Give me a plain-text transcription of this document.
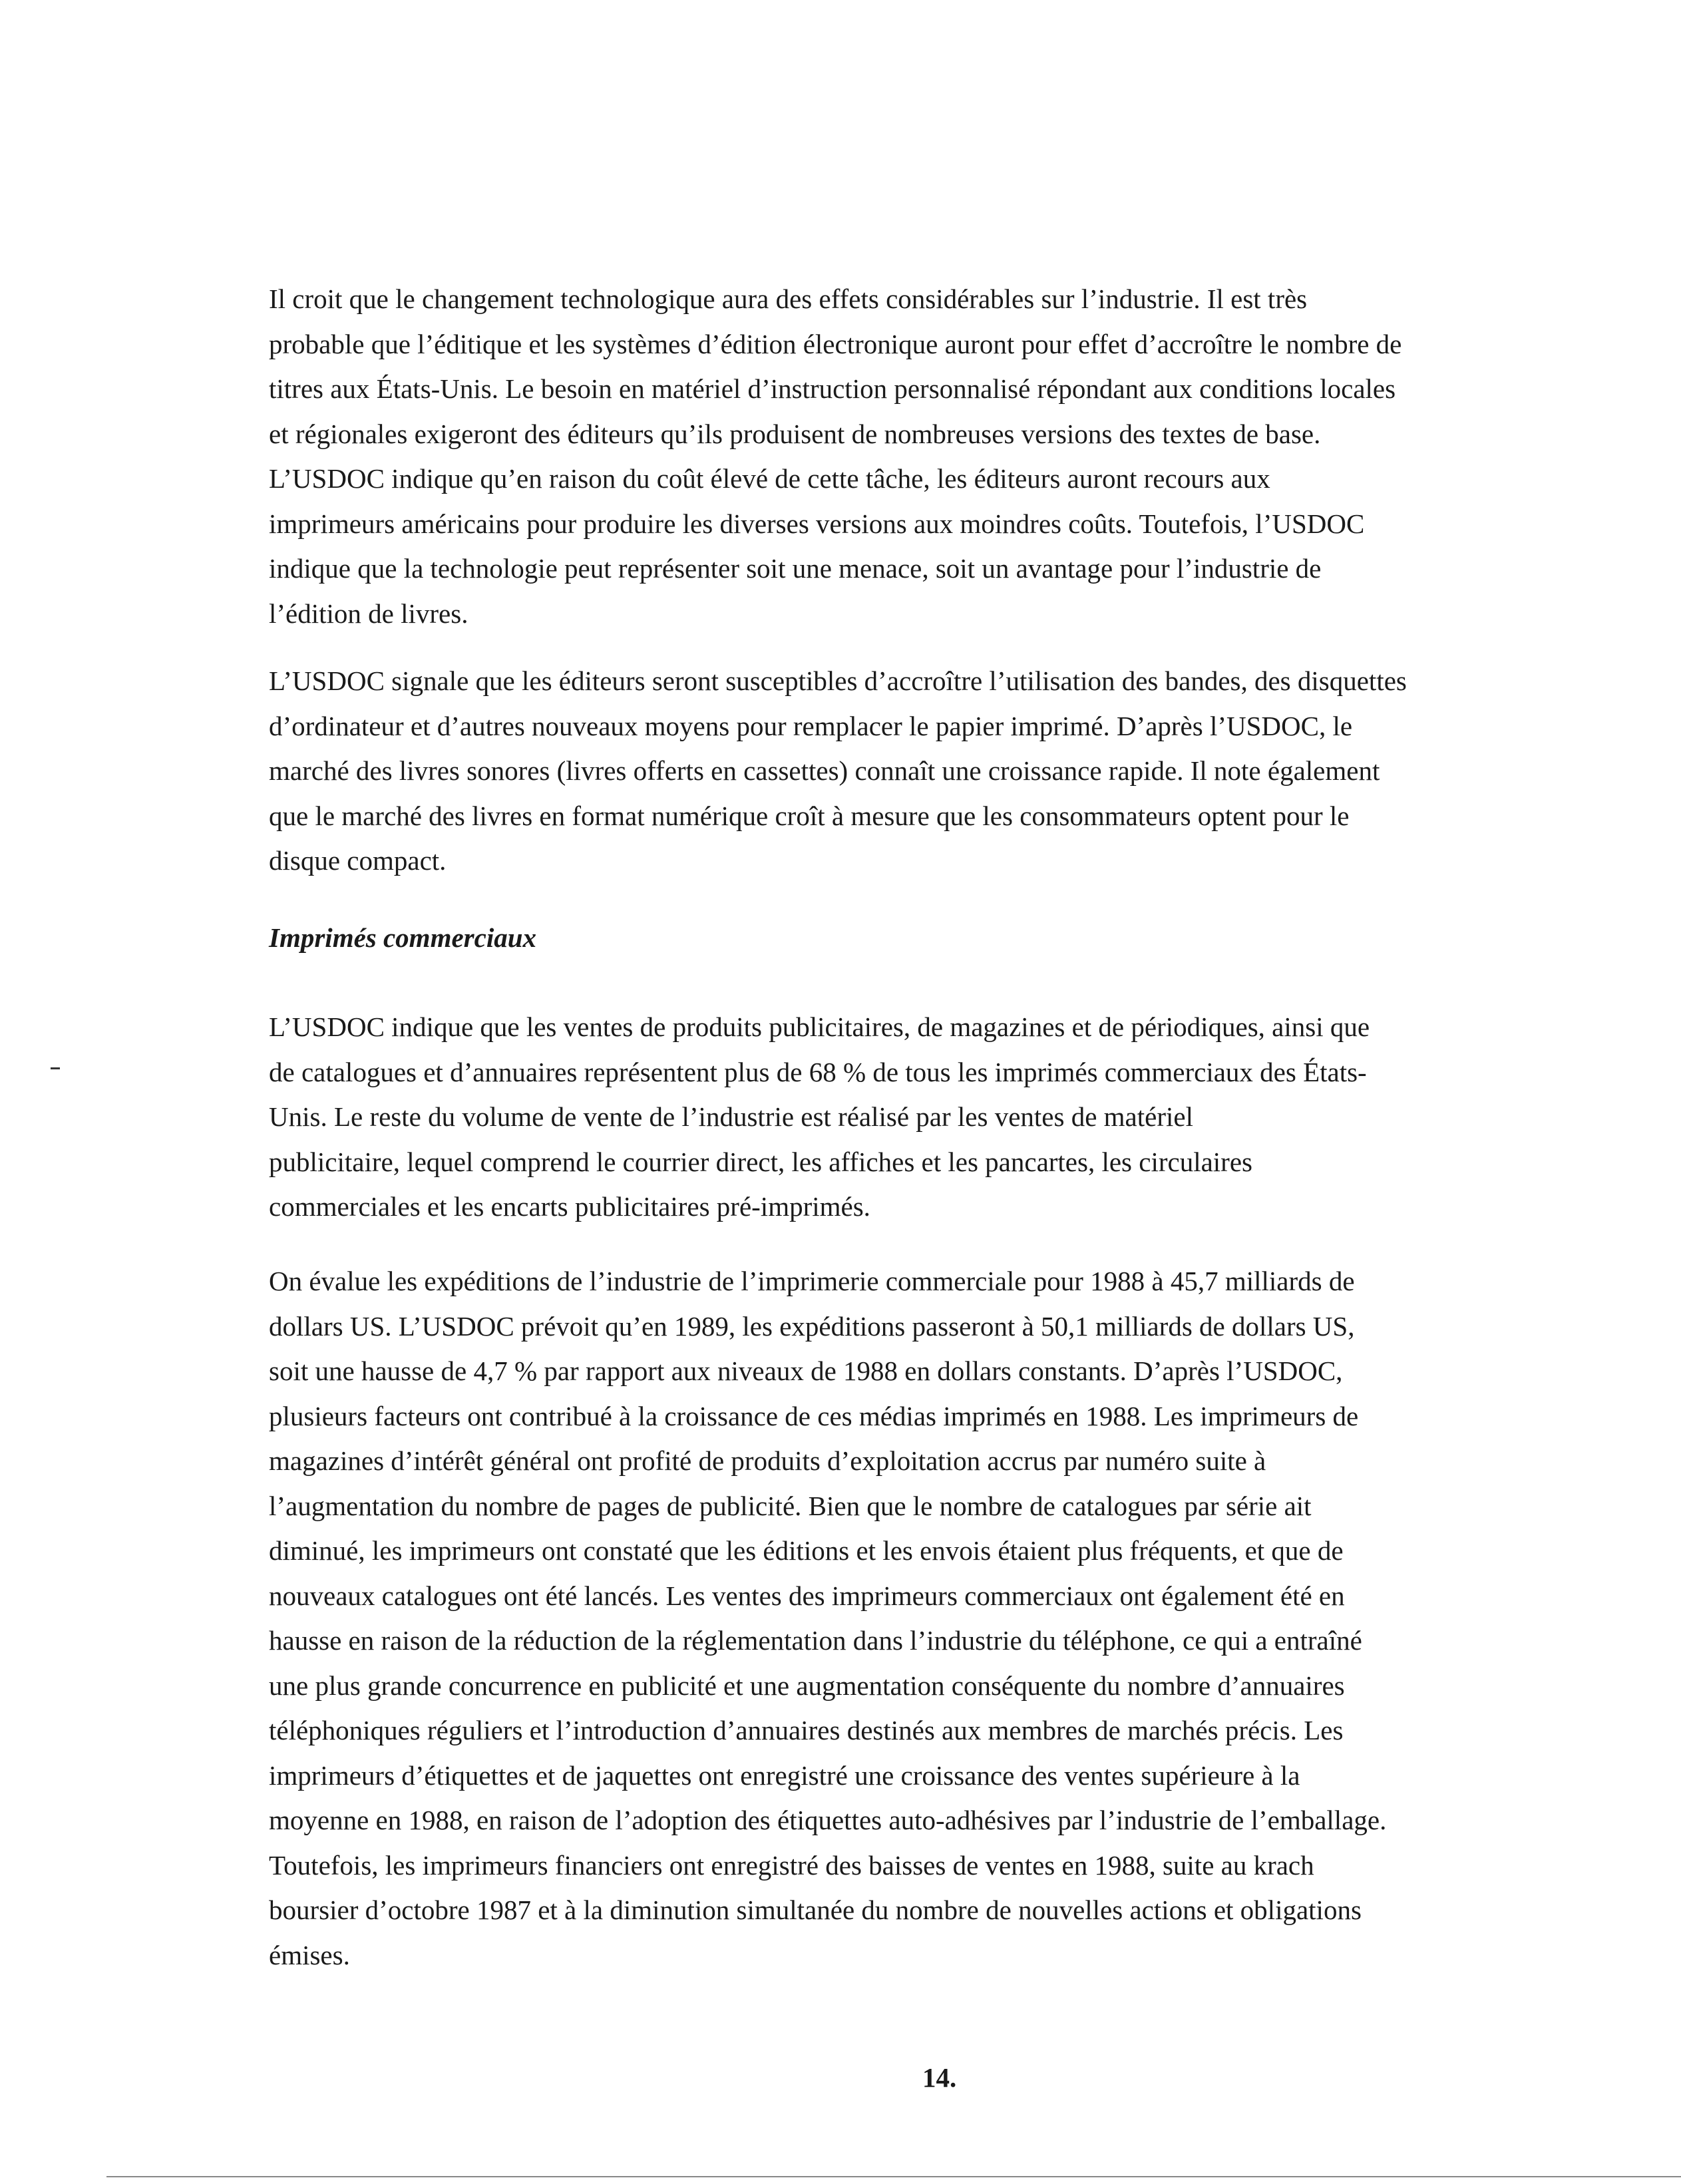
Il croit que le changement technologique aura des effets considérables sur l’industrie. Il est très
probable que l’éditique et les systèmes d’édition électronique auront pour effet d’accroître le nombre de
titres aux États-Unis. Le besoin en matériel d’instruction personnalisé répondant aux conditions locales
et régionales exigeront des éditeurs qu’ils produisent de nombreuses versions des textes de base.
L’USDOC indique qu’en raison du coût élevé de cette tâche, les éditeurs auront recours aux
imprimeurs américains pour produire les diverses versions aux moindres coûts. Toutefois, l’USDOC
indique que la technologie peut représenter soit une menace, soit un avantage pour l’industrie de
l’édition de livres.
L’USDOC signale que les éditeurs seront susceptibles d’accroître l’utilisation des bandes, des disquettes
d’ordinateur et d’autres nouveaux moyens pour remplacer le papier imprimé. D’après l’USDOC, le
marché des livres sonores (livres offerts en cassettes) connaît une croissance rapide. Il note également
que le marché des livres en format numérique croît à mesure que les consommateurs optent pour le
disque compact.
Imprimés commerciaux
L’USDOC indique que les ventes de produits publicitaires, de magazines et de périodiques, ainsi que
de catalogues et d’annuaires représentent plus de 68 % de tous les imprimés commerciaux des États-
Unis. Le reste du volume de vente de l’industrie est réalisé par les ventes de matériel
publicitaire, lequel comprend le courrier direct, les affiches et les pancartes, les circulaires
commerciales et les encarts publicitaires pré-imprimés.
On évalue les expéditions de l’industrie de l’imprimerie commerciale pour 1988 à 45,7 milliards de
dollars US. L’USDOC prévoit qu’en 1989, les expéditions passeront à 50,1 milliards de dollars US,
soit une hausse de 4,7 % par rapport aux niveaux de 1988 en dollars constants. D’après l’USDOC,
plusieurs facteurs ont contribué à la croissance de ces médias imprimés en 1988. Les imprimeurs de
magazines d’intérêt général ont profité de produits d’exploitation accrus par numéro suite à
l’augmentation du nombre de pages de publicité. Bien que le nombre de catalogues par série ait
diminué, les imprimeurs ont constaté que les éditions et les envois étaient plus fréquents, et que de
nouveaux catalogues ont été lancés. Les ventes des imprimeurs commerciaux ont également été en
hausse en raison de la réduction de la réglementation dans l’industrie du téléphone, ce qui a entraîné
une plus grande concurrence en publicité et une augmentation conséquente du nombre d’annuaires
téléphoniques réguliers et l’introduction d’annuaires destinés aux membres de marchés précis. Les
imprimeurs d’étiquettes et de jaquettes ont enregistré une croissance des ventes supérieure à la
moyenne en 1988, en raison de l’adoption des étiquettes auto-adhésives par l’industrie de l’emballage.
Toutefois, les imprimeurs financiers ont enregistré des baisses de ventes en 1988, suite au krach
boursier d’octobre 1987 et à la diminution simultanée du nombre de nouvelles actions et obligations
émises.

14.
